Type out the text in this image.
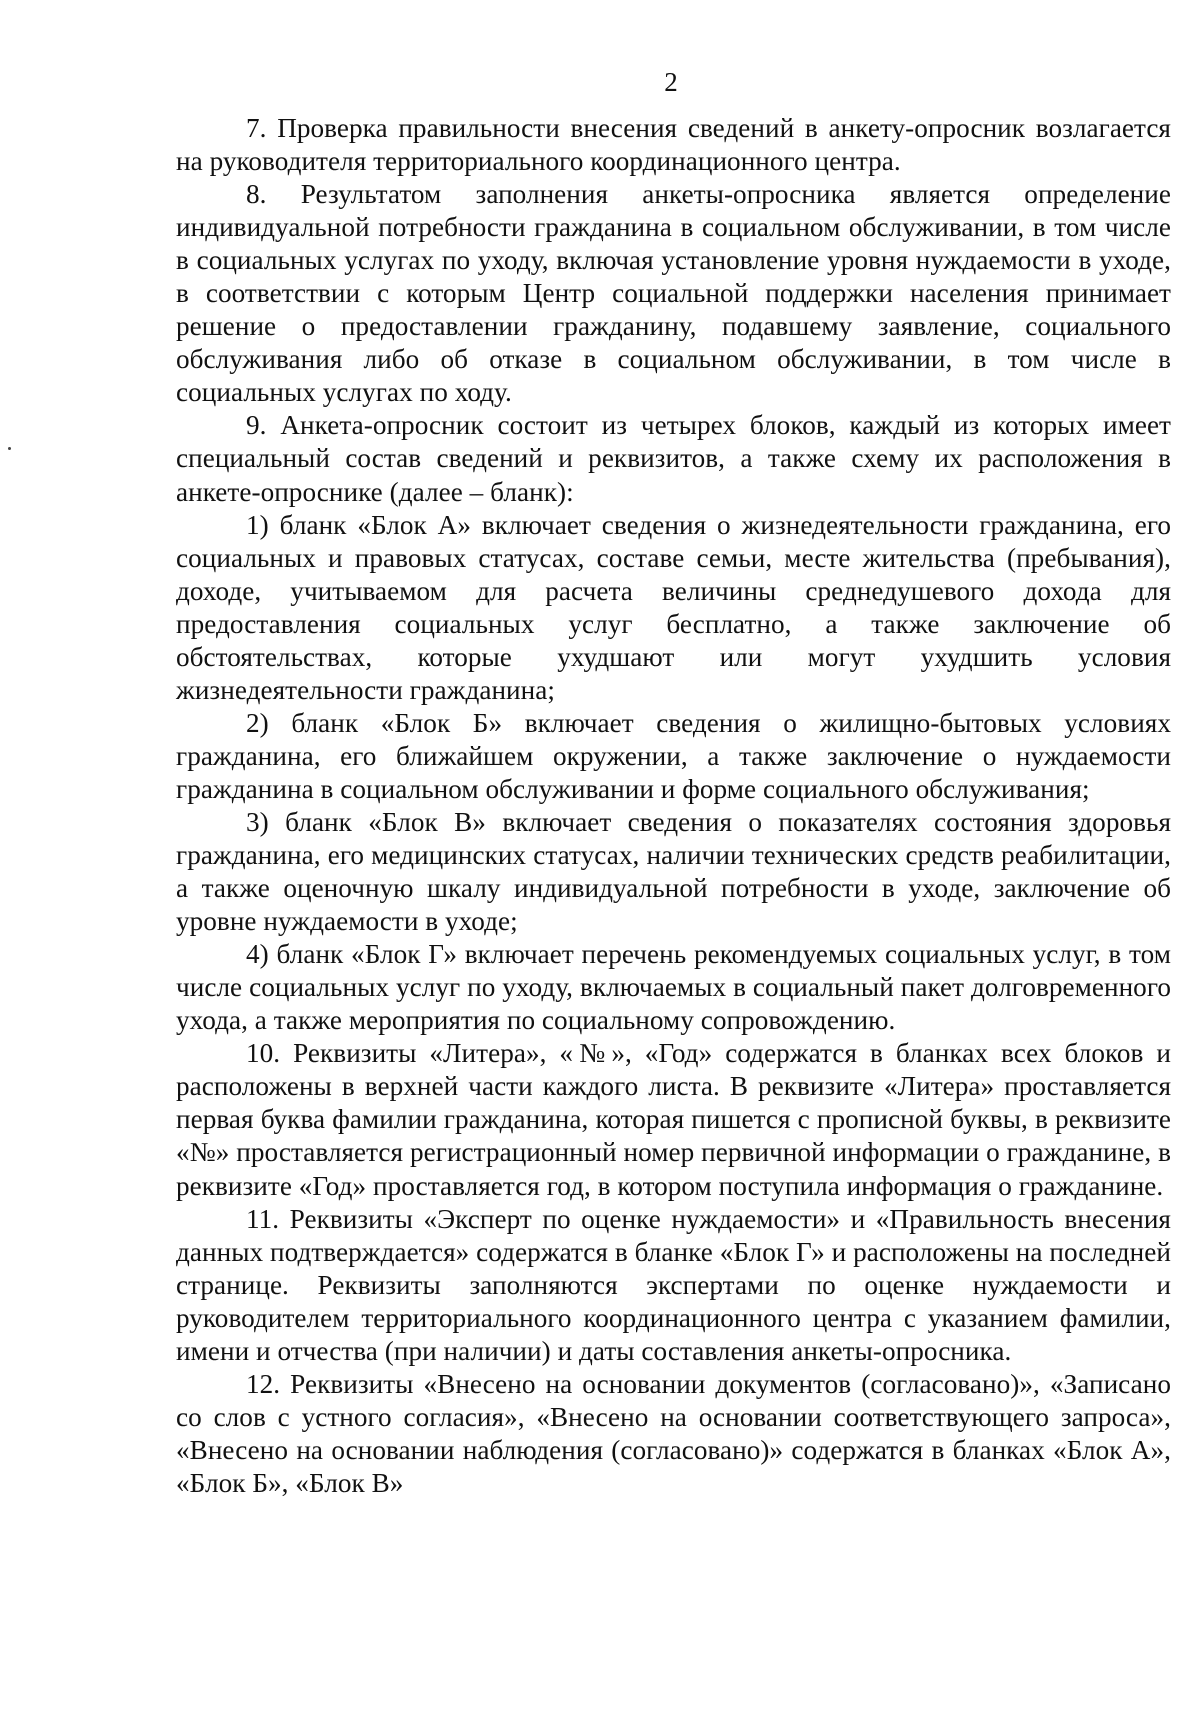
2

7. Проверка правильности внесения сведений в анкету-опросник возлагается на руководителя территориального координационного центра.

8. Результатом заполнения анкеты-опросника является определение индивидуальной потребности гражданина в социальном обслуживании, в том числе в социальных услугах по уходу, включая установление уровня нуждаемости в уходе, в соответствии с которым Центр социальной поддержки населения принимает решение о предоставлении гражданину, подавшему заявление, социального обслуживания либо об отказе в социальном обслуживании, в том числе в социальных услугах по ходу.

9. Анкета-опросник состоит из четырех блоков, каждый из которых имеет специальный состав сведений и реквизитов, а также схему их расположения в анкете-опроснике (далее – бланк):

1) бланк «Блок А» включает сведения о жизнедеятельности гражданина, его социальных и правовых статусах, составе семьи, месте жительства (пребывания), доходе, учитываемом для расчета величины среднедушевого дохода для предоставления социальных услуг бесплатно, а также заключение об обстоятельствах, которые ухудшают или могут ухудшить условия жизнедеятельности гражданина;

2) бланк «Блок Б» включает сведения о жилищно-бытовых условиях гражданина, его ближайшем окружении, а также заключение о нуждаемости гражданина в социальном обслуживании и форме социального обслуживания;

3) бланк «Блок В» включает сведения о показателях состояния здоровья гражданина, его медицинских статусах, наличии технических средств реабилитации, а также оценочную шкалу индивидуальной потребности в уходе, заключение об уровне нуждаемости в уходе;

4) бланк «Блок Г» включает перечень рекомендуемых социальных услуг, в том числе социальных услуг по уходу, включаемых в социальный пакет долговременного ухода, а также мероприятия по социальному сопровождению.

10. Реквизиты «Литера», «№», «Год» содержатся в бланках всех блоков и расположены в верхней части каждого листа. В реквизите «Литера» проставляется первая буква фамилии гражданина, которая пишется с прописной буквы, в реквизите «№» проставляется регистрационный номер первичной информации о гражданине, в реквизите «Год» проставляется год, в котором поступила информация о гражданине.

11. Реквизиты «Эксперт по оценке нуждаемости» и «Правильность внесения данных подтверждается» содержатся в бланке «Блок Г» и расположены на последней странице. Реквизиты заполняются экспертами по оценке нуждаемости и руководителем территориального координационного центра с указанием фамилии, имени и отчества (при наличии) и даты составления анкеты-опросника.

12. Реквизиты «Внесено на основании документов (согласовано)», «Записано со слов с устного согласия», «Внесено на основании соответствующего запроса», «Внесено на основании наблюдения (согласовано)» содержатся в бланках «Блок А», «Блок Б», «Блок В»
